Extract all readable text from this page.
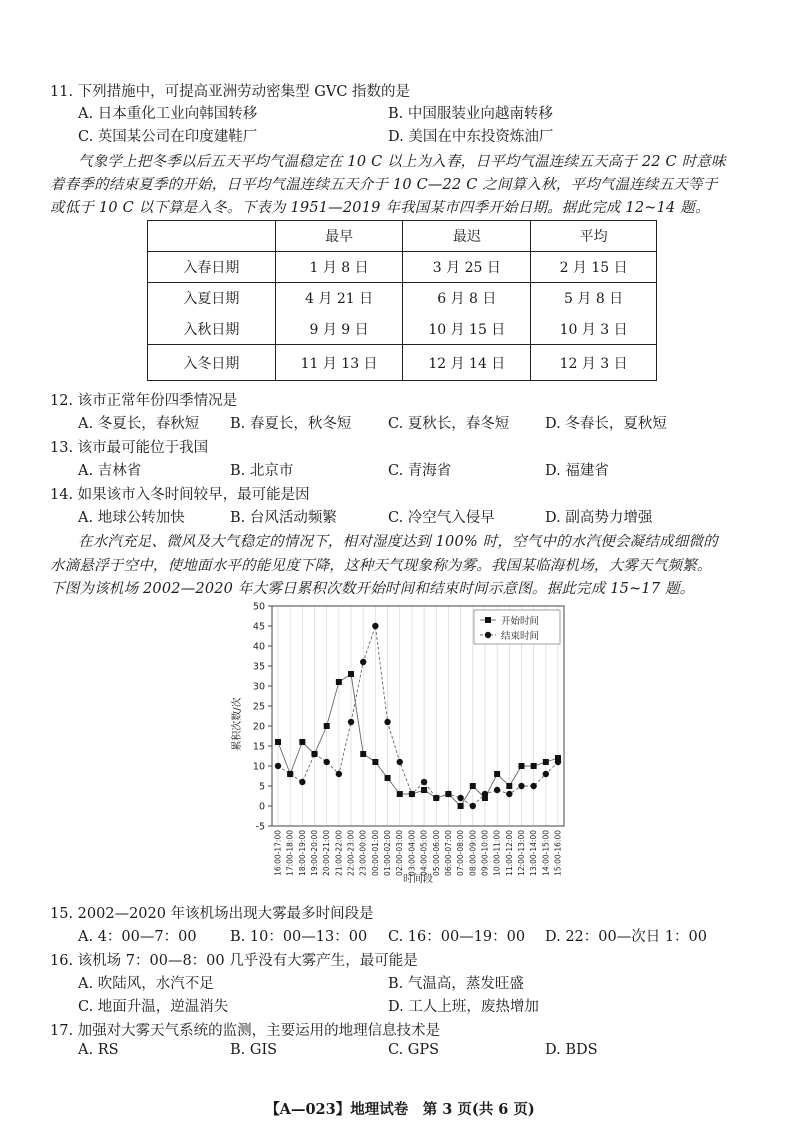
11. 下列措施中，可提高亚洲劳动密集型 GVC 指数的是
A. 日本重化工业向韩国转移	B. 中国服装业向越南转移
C. 英国某公司在印度建鞋厂	D. 美国在中东投资炼油厂
气象学上把冬季以后五天平均气温稳定在 10 C 以上为入春，日平均气温连续五天高于 22 C 时意味
着春季的结束夏季的开始，日平均气温连续五天介于 10 C—22 C 之间算入秋，平均气温连续五天等于
或低于 10 C 以下算是入冬。下表为 1951—2019 年我国某市四季开始日期。据此完成 12~14 题。
	最早	最迟	平均
入春日期	1 月 8 日	3 月 25 日	2 月 15 日
入夏日期	4 月 21 日	6 月 8 日	5 月 8 日
入秋日期	9 月 9 日	10 月 15 日	10 月 3 日
入冬日期	11 月 13 日	12 月 14 日	12 月 3 日
12. 该市正常年份四季情况是
A. 冬夏长，春秋短 B. 春夏长，秋冬短	C. 夏秋长，春冬短 D. 冬春长，夏秋短
13. 该市最可能位于我国
A. 吉林省	B. 北京市	C. 青海省	D. 福建省
14. 如果该市入冬时间较早，最可能是因
A. 地球公转加快	B. 台风活动频繁	C. 冷空气入侵早	D. 副高势力增强
在水汽充足、微风及大气稳定的情况下，相对湿度达到 100% 时，空气中的水汽便会凝结成细微的
水滴悬浮于空中，使地面水平的能见度下降，这种天气现象称为雾。我国某临海机场，大雾天气频繁。
下图为该机场 2002—2020 年大雾日累积次数开始时间和结束时间示意图。据此完成 15~17 题。
-5
0
5
10
15
20
25
30
35
40
45
50
16:00-17:00 17:00-18:00 18:00-19:00 19:00-20:00 20:00-21:00 21:00-22:00 22:00-23:00 23:00-00:00 00:00-01:00 01:00-02:00 02:00-03:00 03:00-04:00 04:00-05:00 05:00-06:00 06:00-07:00 07:00-08:00 08:00-09:00 09:00-10:00 10:00-11:00 11:00-12:00 12:00-13:00 13:00-14:00 14:00-15:00 15:00-16:00
时间段
累积次数/次
开始时间
结束时间
15. 2002—2020 年该机场出现大雾最多时间段是
A. 4：00—7：00 B. 10：00—13：00 C. 16：00—19：00 D. 22：00—次日 1：00
16. 该机场 7：00—8：00 几乎没有大雾产生，最可能是
A. 吹陆风，水汽不足	B. 气温高，蒸发旺盛
C. 地面升温，逆温消失	D. 工人上班，废热增加
17. 加强对大雾天气系统的监测，主要运用的地理信息技术是
A. RS	B. GIS	C. GPS	D. BDS
【A—023】地理试卷　第 3 页(共 6 页)
